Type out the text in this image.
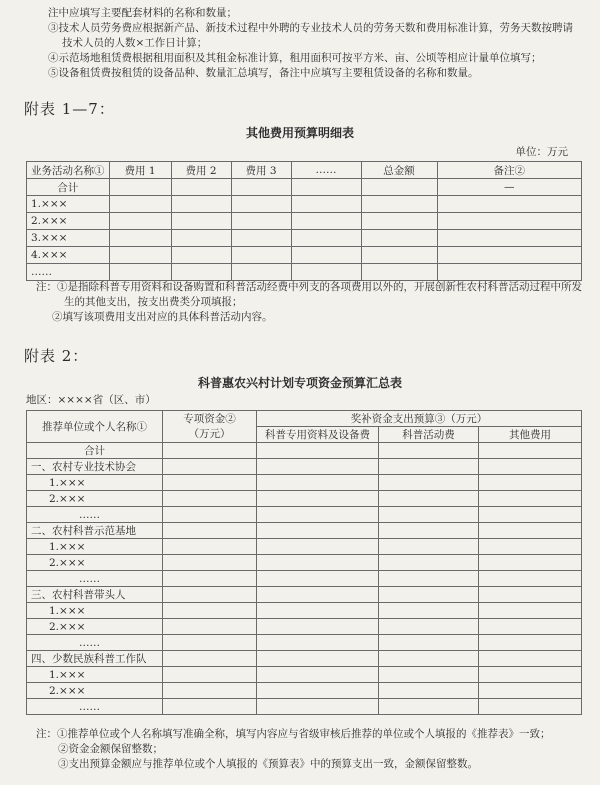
注中应填写主要配套材料的名称和数量；
③技术人员劳务费应根据新产品、新技术过程中外聘的专业技术人员的劳务天数和费用标准计算，劳务天数按聘请
技术人员的人数×工作日计算；
④示范场地租赁费根据租用面积及其租金标准计算，租用面积可按平方米、亩、公顷等相应计量单位填写；
⑤设备租赁费按租赁的设备品种、数量汇总填写，备注中应填写主要租赁设备的名称和数量。
附表 1—7：
其他费用预算明细表
单位：万元
业务活动名称①	费用 1	费用 2	费用 3	……	总金额	备注②
合计						—
1.×××						
2.×××						
3.×××						
4.×××						
……						
注：①是指除科普专用资料和设备购置和科普活动经费中列支的各项费用以外的，开展创新性农村科普活动过程中所发
生的其他支出，按支出费类分项填报；
②填写该项费用支出对应的具体科普活动内容。
附表 2：
科普惠农兴村计划专项资金预算汇总表
地区：××××省（区、市）
推荐单位或个人名称①	专项资金②
（万元）	奖补资金支出预算③（万元）		
		科普专用资料及设备费	科普活动费	其他费用

合计				
一、农村专业技术协会				
1.×××				
2.×××				
……				
二、农村科普示范基地				
1.×××				
2.×××				
……				
三、农村科普带头人				
1.×××				
2.×××				
……				
四、少数民族科普工作队				
1.×××				
2.×××				
……				
注：①推荐单位或个人名称填写准确全称，填写内容应与省级审核后推荐的单位或个人填报的《推荐表》一致；
②资金金额保留整数；
③支出预算金额应与推荐单位或个人填报的《预算表》中的预算支出一致，金额保留整数。
